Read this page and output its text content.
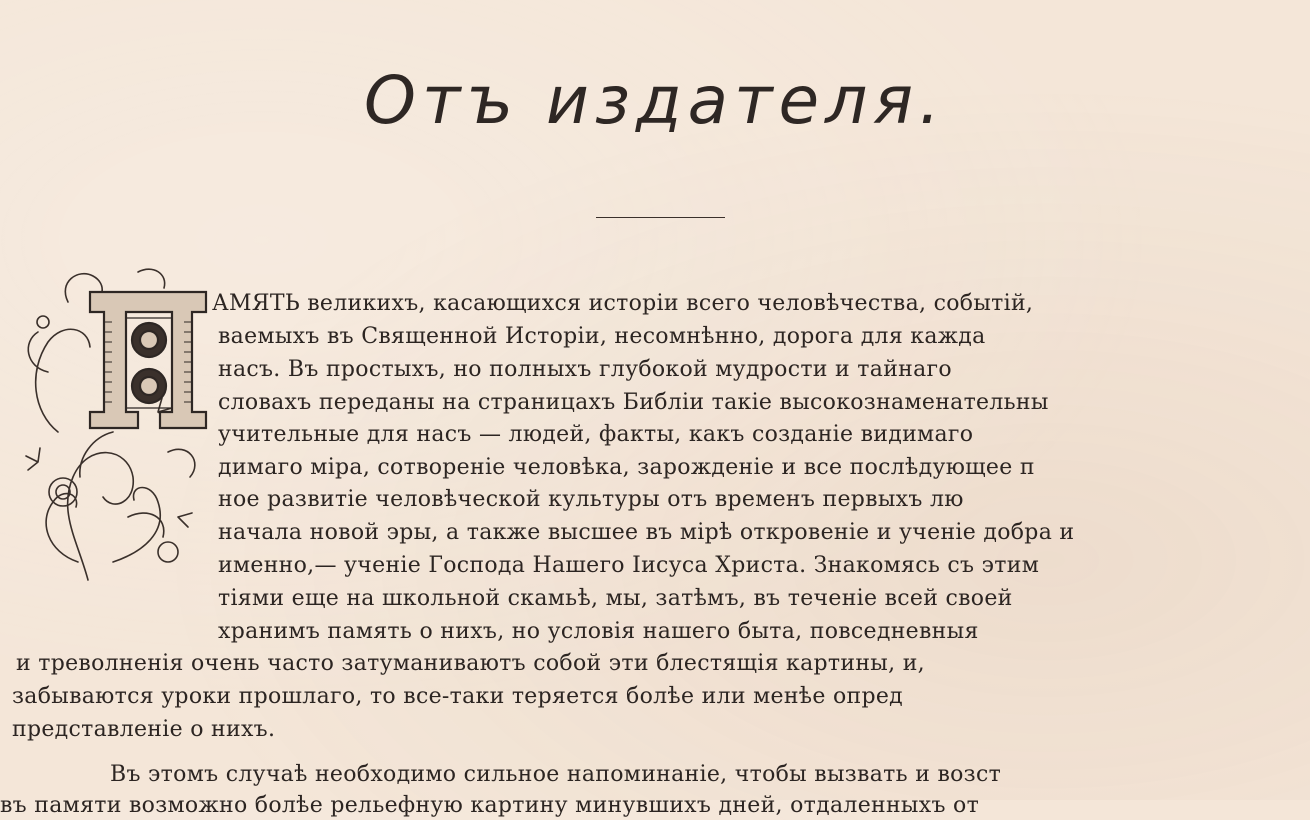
Отъ издателя.
АМЯТЬ великихъ, касающихся исторіи всего человѣчества, событій,
ваемыхъ въ Священной Исторіи, несомнѣнно, дорога для кажда
насъ. Въ простыхъ, но полныхъ глубокой мудрости и тайнаго
словахъ переданы на страницахъ Библіи такіе высокознаменательны
учительные для насъ — людей, факты, какъ созданіе видимаго
димаго міра, сотвореніе человѣка, зарожденіе и все послѣдующее п
ное развитіе человѣческой культуры отъ временъ первыхъ лю
начала новой эры, а также высшее въ мірѣ откровеніе и ученіе добра и
именно,— ученіе Господа Нашего Іисуса Христа. Знакомясь съ этим
тіями еще на школьной скамьѣ, мы, затѣмъ, въ теченіе всей своей
хранимъ память о нихъ, но условія нашего быта, повседневныя
и треволненія очень часто затуманиваютъ собой эти блестящія картины, и,
забываются уроки прошлаго, то все-таки теряется болѣе или менѣе опред
представленіе о нихъ.
Въ этомъ случаѣ необходимо сильное напоминаніе, чтобы вызвать и возст
въ памяти возможно болѣе рельефную картину минувшихъ дней, отдаленныхъ от
